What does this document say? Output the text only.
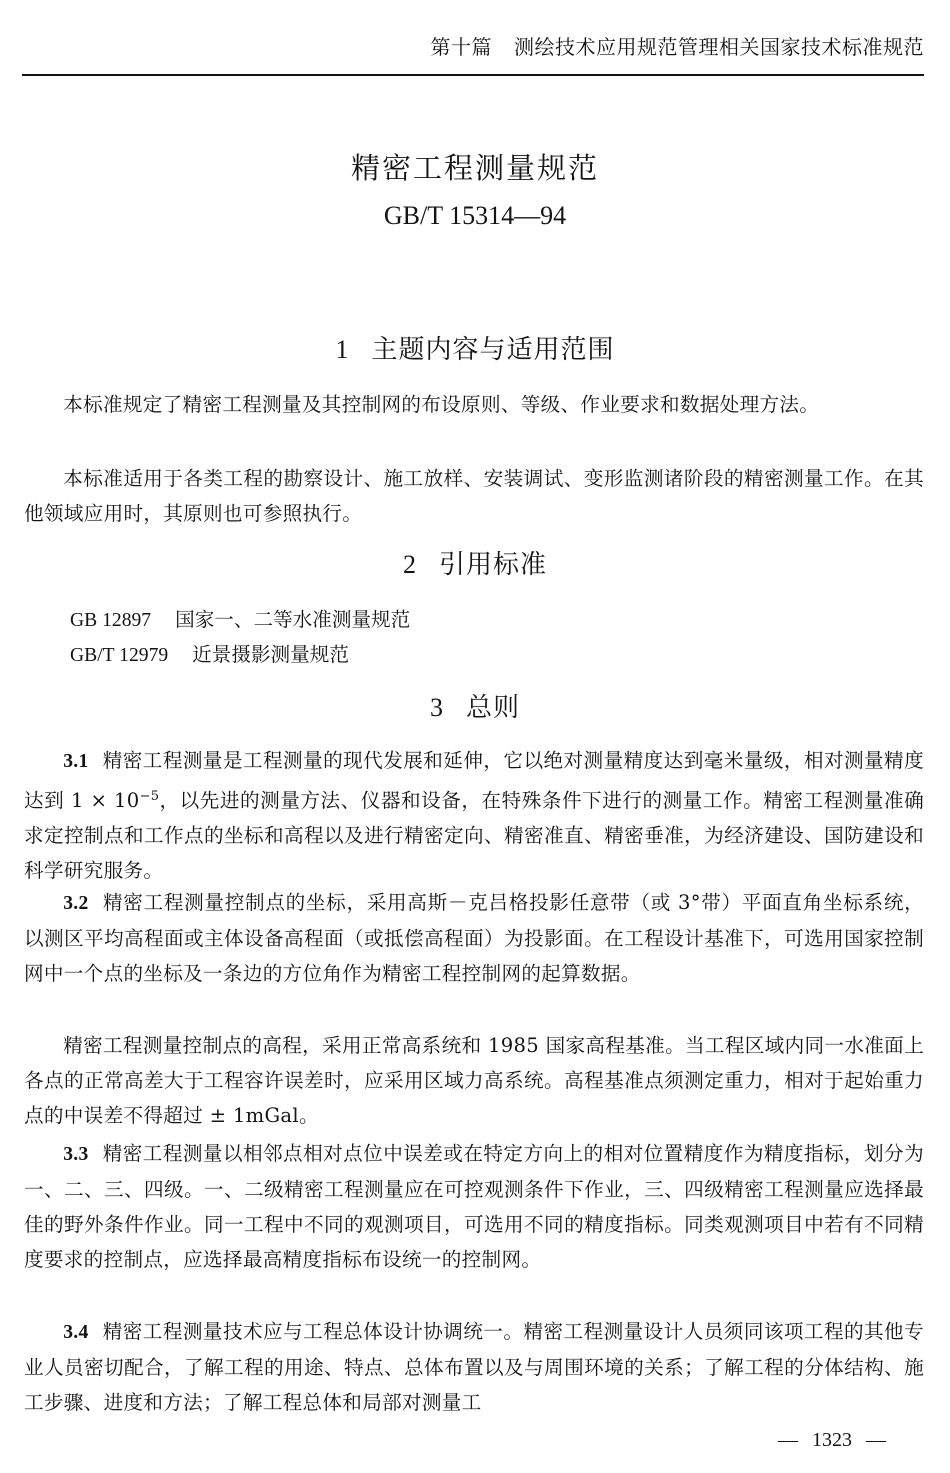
第十篇 测绘技术应用规范管理相关国家技术标准规范
精密工程测量规范
GB/T 15314—94
1 主题内容与适用范围

本标准规定了精密工程测量及其控制网的布设原则、等级、作业要求和数据处理方法。

本标准适用于各类工程的勘察设计、施工放样、安装调试、变形监测诸阶段的精密测量工作。在其他领域应用时，其原则也可参照执行。

2 引用标准
GB 12897 国家一、二等水准测量规范
GB/T 12979 近景摄影测量规范
3 总则

3.1 精密工程测量是工程测量的现代发展和延伸，它以绝对测量精度达到毫米量级，相对测量精度达到 $1 \times 10^{-5}$，以先进的测量方法、仪器和设备，在特殊条件下进行的测量工作。精密工程测量准确求定控制点和工作点的坐标和高程以及进行精密定向、精密准直、精密垂准，为经济建设、国防建设和科学研究服务。

3.2 精密工程测量控制点的坐标，采用高斯－克吕格投影任意带（或 3°带）平面直角坐标系统，以测区平均高程面或主体设备高程面（或抵偿高程面）为投影面。在工程设计基准下，可选用国家控制网中一个点的坐标及一条边的方位角作为精密工程控制网的起算数据。

精密工程测量控制点的高程，采用正常高系统和 1985 国家高程基准。当工程区域内同一水准面上各点的正常高差大于工程容许误差时，应采用区域力高系统。高程基准点须测定重力，相对于起始重力点的中误差不得超过 ± 1mGal。

3.3 精密工程测量以相邻点相对点位中误差或在特定方向上的相对位置精度作为精度指标，划分为一、二、三、四级。一、二级精密工程测量应在可控观测条件下作业，三、四级精密工程测量应选择最佳的野外条件作业。同一工程中不同的观测项目，可选用不同的精度指标。同类观测项目中若有不同精度要求的控制点，应选择最高精度指标布设统一的控制网。

3.4 精密工程测量技术应与工程总体设计协调统一。精密工程测量设计人员须同该项工程的其他专业人员密切配合，了解工程的用途、特点、总体布置以及与周围环境的关系；了解工程的分体结构、施工步骤、进度和方法；了解工程总体和局部对测量工

— 1323 —
